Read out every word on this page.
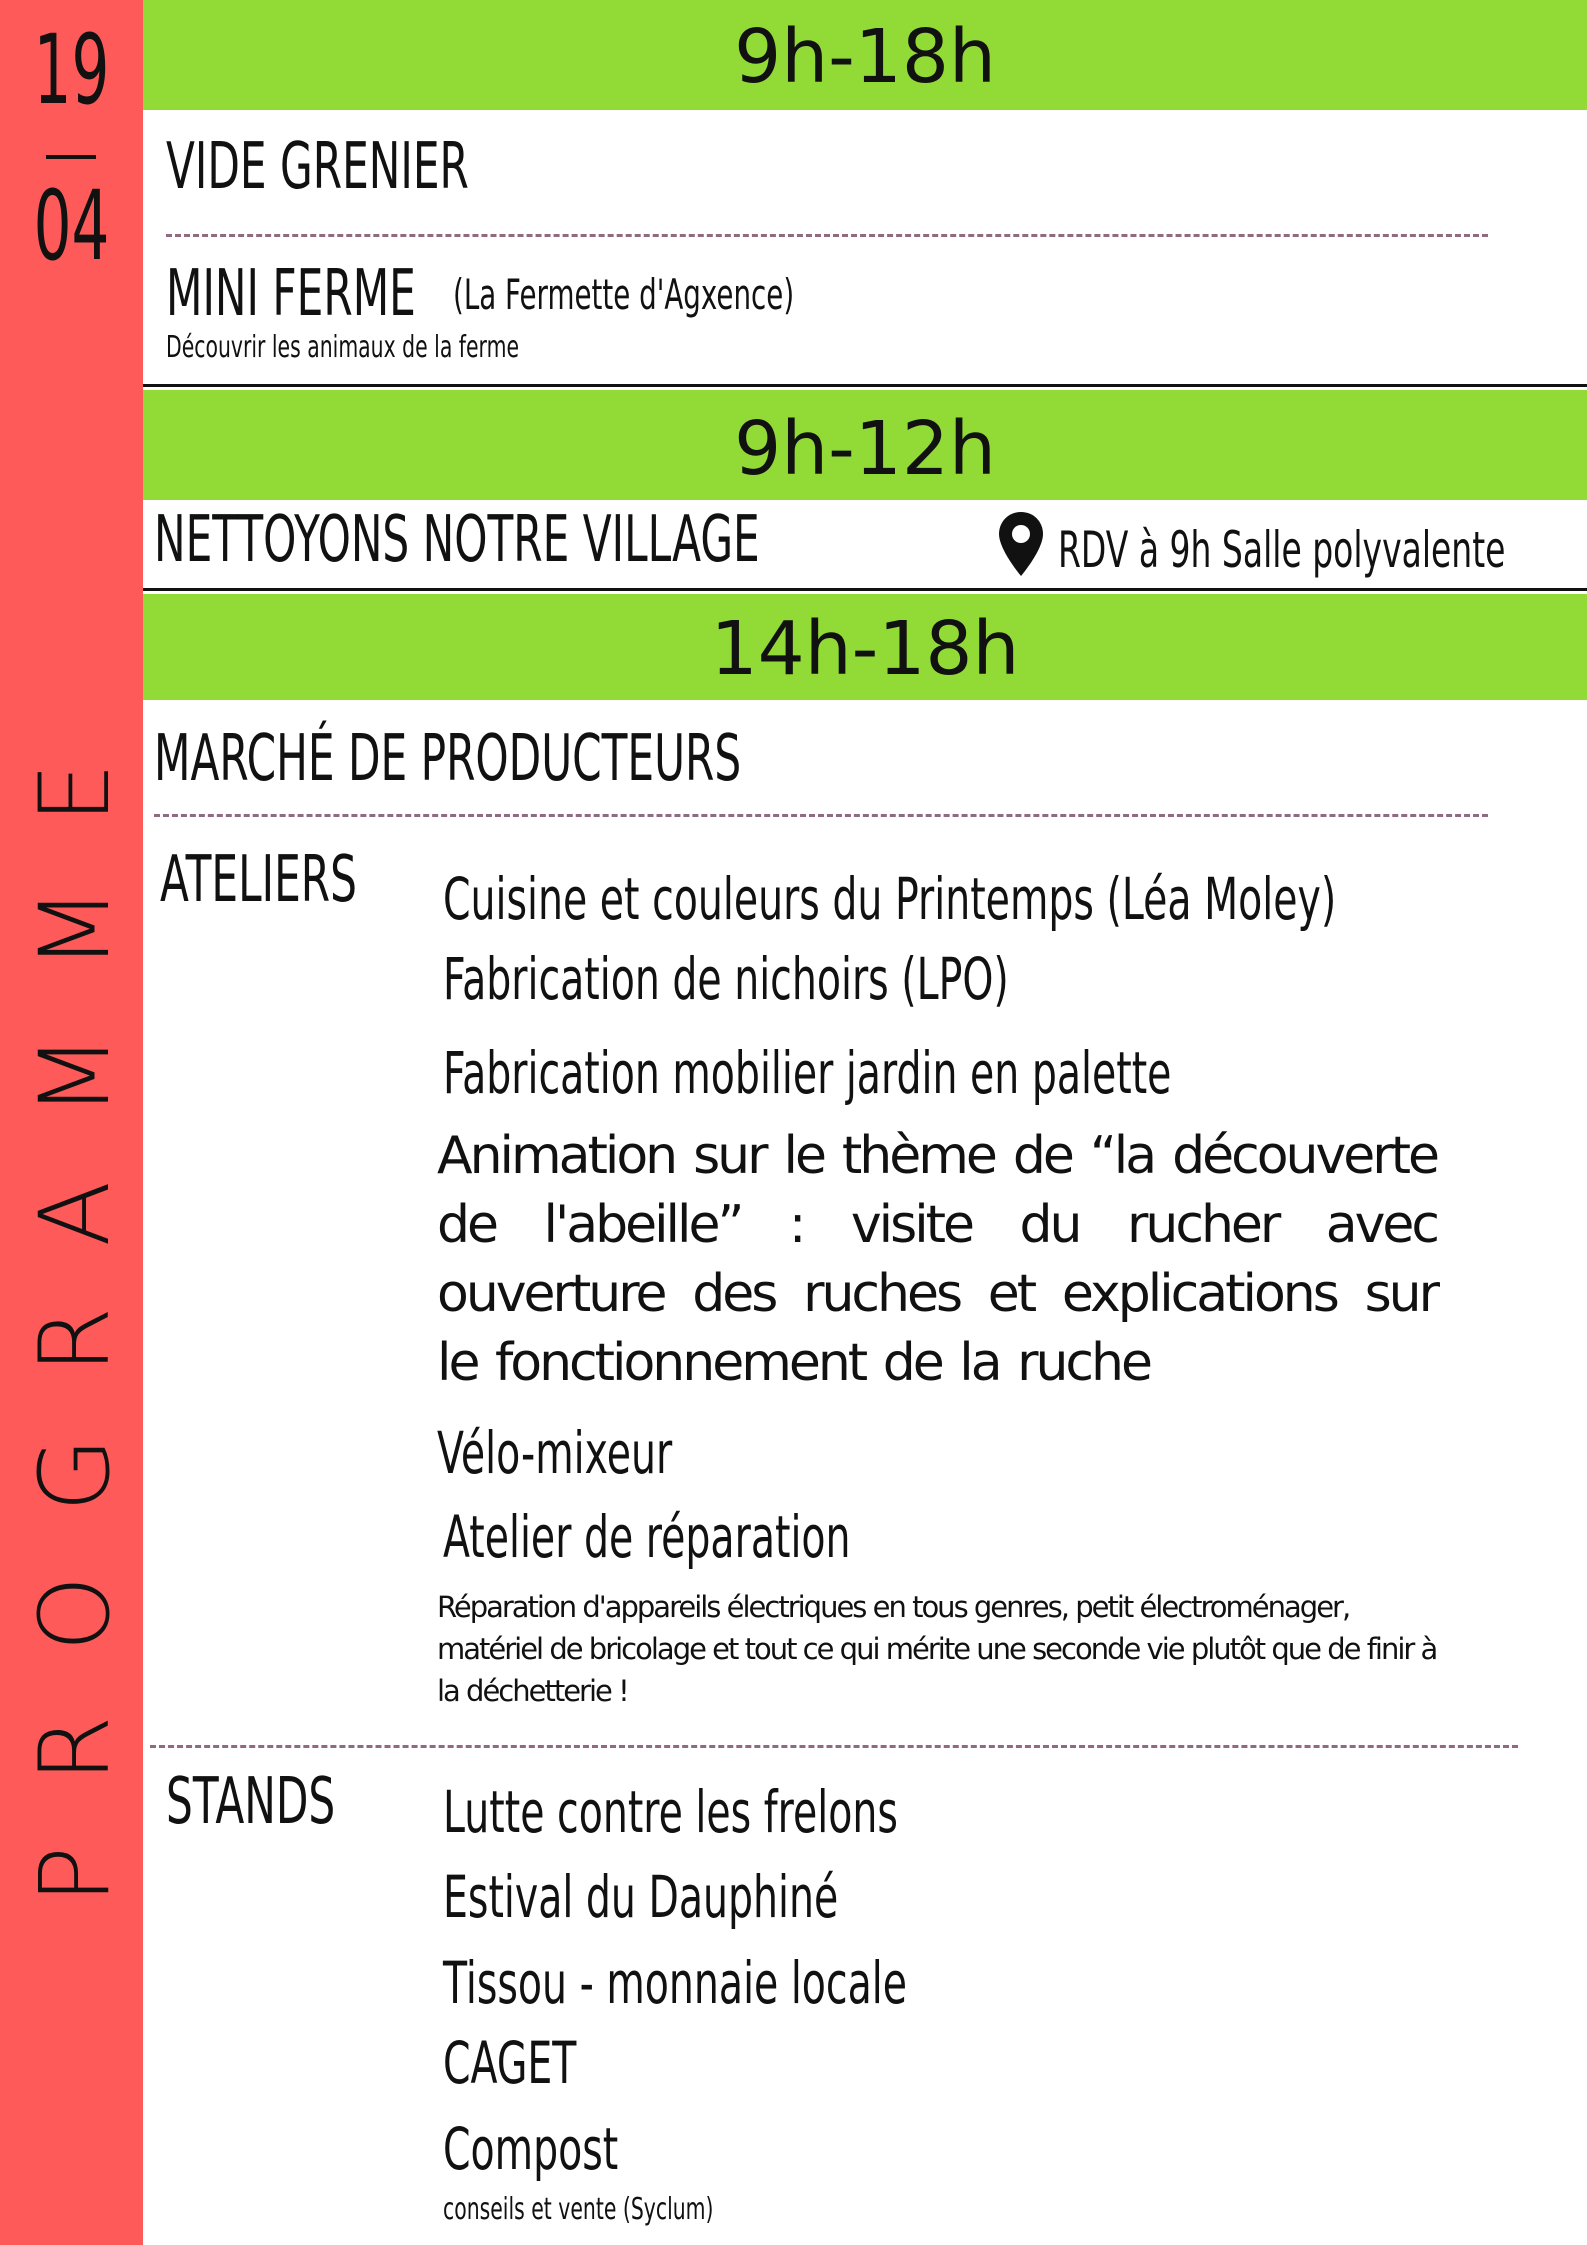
19
04
PROGRAMME
9h-18h
VIDE GRENIER
MINI FERME (La Fermette d'Agxence)
Découvrir les animaux de la ferme
9h-12h
NETTOYONS NOTRE VILLAGE	RDV à 9h Salle polyvalente
14h-18h
MARCHÉ DE PRODUCTEURS
ATELIERS Cuisine et couleurs du Printemps (Léa Moley)
Fabrication de nichoirs (LPO)
Fabrication mobilier jardin en palette
Animation sur le thème de “la découverte de l'abeille” : visite du rucher avec ouverture des ruches et explications sur le fonctionnement de la ruche
Vélo-mixeur
Atelier de réparation
Réparation d'appareils électriques en tous genres, petit électroménager, matériel de bricolage et tout ce qui mérite une seconde vie plutôt que de finir à la déchetterie !
STANDS Lutte contre les frelons
Estival du Dauphiné
Tissou - monnaie locale
CAGET
Compost
conseils et vente (Syclum)
